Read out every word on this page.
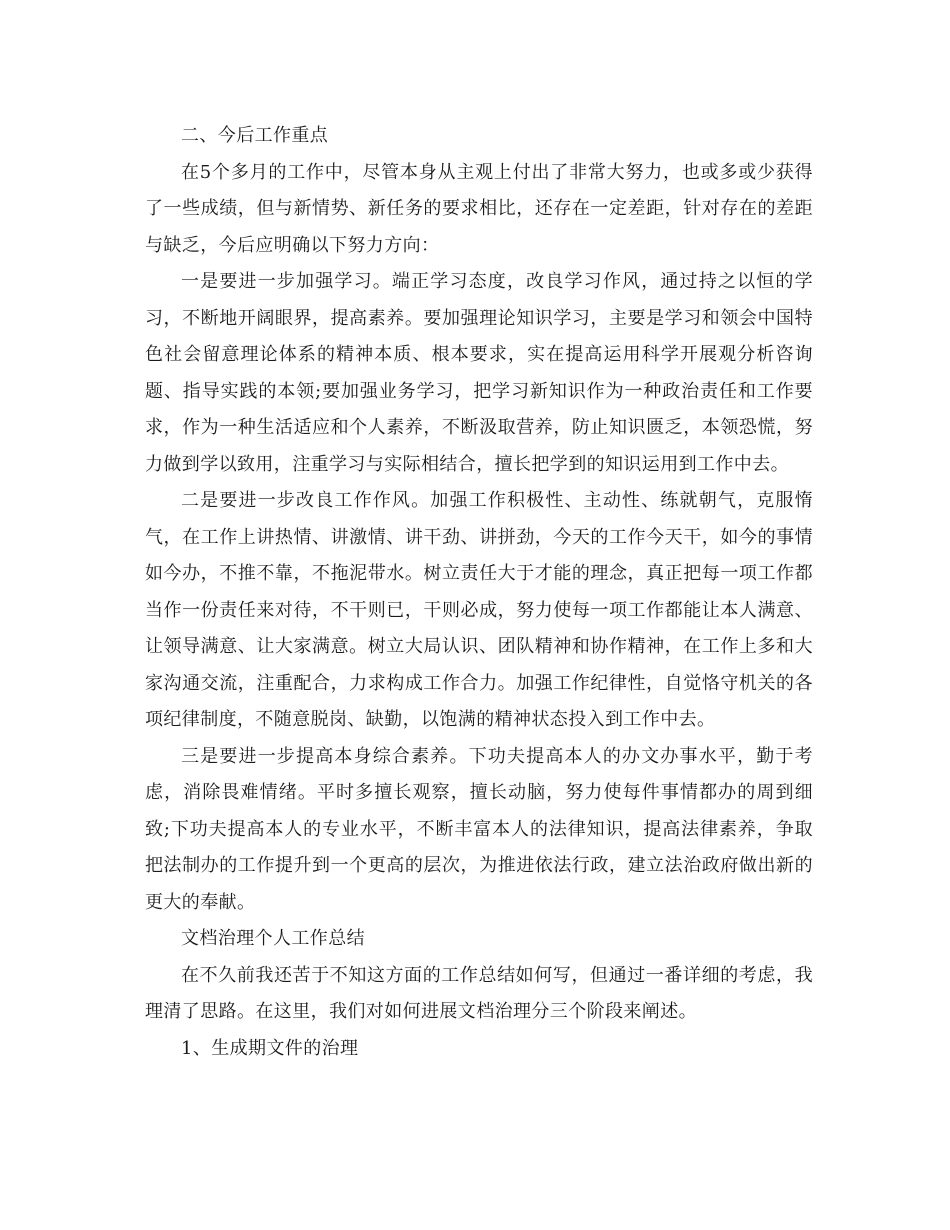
二、今后工作重点

在5个多月的工作中，尽管本身从主观上付出了非常大努力，也或多或少获得了一些成绩，但与新情势、新任务的要求相比，还存在一定差距，针对存在的差距与缺乏，今后应明确以下努力方向：

一是要进一步加强学习。端正学习态度，改良学习作风，通过持之以恒的学习，不断地开阔眼界，提高素养。要加强理论知识学习，主要是学习和领会中国特色社会留意理论体系的精神本质、根本要求，实在提高运用科学开展观分析咨询题、指导实践的本领;要加强业务学习，把学习新知识作为一种政治责任和工作要求，作为一种生活适应和个人素养，不断汲取营养，防止知识匮乏，本领恐慌，努力做到学以致用，注重学习与实际相结合，擅长把学到的知识运用到工作中去。

二是要进一步改良工作作风。加强工作积极性、主动性、练就朝气，克服惰气，在工作上讲热情、讲激情、讲干劲、讲拼劲，今天的工作今天干，如今的事情如今办，不推不靠，不拖泥带水。树立责任大于才能的理念，真正把每一项工作都当作一份责任来对待，不干则已，干则必成，努力使每一项工作都能让本人满意、让领导满意、让大家满意。树立大局认识、团队精神和协作精神，在工作上多和大家沟通交流，注重配合，力求构成工作合力。加强工作纪律性，自觉恪守机关的各项纪律制度，不随意脱岗、缺勤，以饱满的精神状态投入到工作中去。

三是要进一步提高本身综合素养。下功夫提高本人的办文办事水平，勤于考虑，消除畏难情绪。平时多擅长观察，擅长动脑，努力使每件事情都办的周到细致;下功夫提高本人的专业水平，不断丰富本人的法律知识，提高法律素养，争取把法制办的工作提升到一个更高的层次，为推进依法行政，建立法治政府做出新的更大的奉献。

文档治理个人工作总结

在不久前我还苦于不知这方面的工作总结如何写，但通过一番详细的考虑，我理清了思路。在这里，我们对如何进展文档治理分三个阶段来阐述。

1、生成期文件的治理
